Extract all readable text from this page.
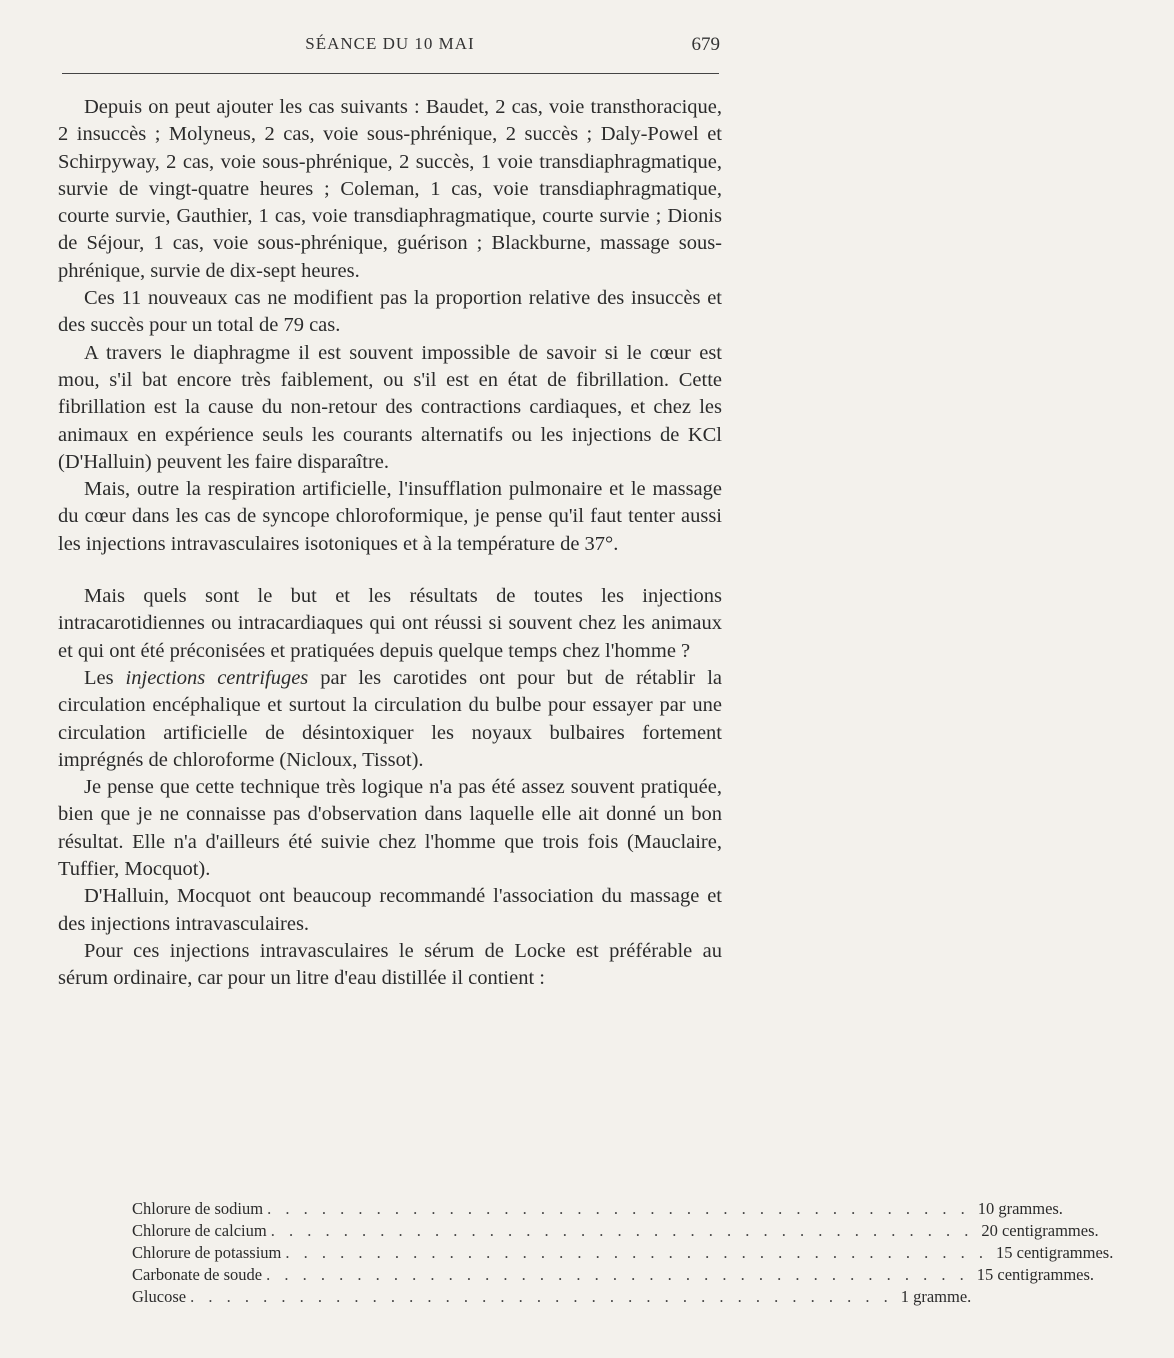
SÉANCE DU 10 MAI	679

Depuis on peut ajouter les cas suivants : Baudet, 2 cas, voie transthoracique, 2 insuccès ; Molyneus, 2 cas, voie sous-phrénique, 2 succès ; Daly-Powel et Schirpyway, 2 cas, voie sous-phrénique, 2 succès, 1 voie transdiaphragmatique, survie de vingt-quatre heures ; Coleman, 1 cas, voie transdiaphragmatique, courte survie, Gauthier, 1 cas, voie transdiaphragmatique, courte survie ; Dionis de Séjour, 1 cas, voie sous-phrénique, guérison ; Blackburne, massage sous-phrénique, survie de dix-sept heures.

Ces 11 nouveaux cas ne modifient pas la proportion relative des insuccès et des succès pour un total de 79 cas.

A travers le diaphragme il est souvent impossible de savoir si le cœur est mou, s'il bat encore très faiblement, ou s'il est en état de fibrillation. Cette fibrillation est la cause du non-retour des contractions cardiaques, et chez les animaux en expérience seuls les courants alternatifs ou les injections de KCl (D'Halluin) peuvent les faire disparaître.

Mais, outre la respiration artificielle, l'insufflation pulmonaire et le massage du cœur dans les cas de syncope chloroformique, je pense qu'il faut tenter aussi les injections intravasculaires isotoniques et à la température de 37°.

Mais quels sont le but et les résultats de toutes les injections intracarotidiennes ou intracardiaques qui ont réussi si souvent chez les animaux et qui ont été préconisées et pratiquées depuis quelque temps chez l'homme ?

Les injections centrifuges par les carotides ont pour but de rétablir la circulation encéphalique et surtout la circulation du bulbe pour essayer par une circulation artificielle de désintoxiquer les noyaux bulbaires fortement imprégnés de chloroforme (Nicloux, Tissot).

Je pense que cette technique très logique n'a pas été assez souvent pratiquée, bien que je ne connaisse pas d'observation dans laquelle elle ait donné un bon résultat. Elle n'a d'ailleurs été suivie chez l'homme que trois fois (Mauclaire, Tuffier, Mocquot).

D'Halluin, Mocquot ont beaucoup recommandé l'association du massage et des injections intravasculaires.

Pour ces injections intravasculaires le sérum de Locke est préférable au sérum ordinaire, car pour un litre d'eau distillée il contient :

Chlorure de sodium . . . . . . . . . . . . . . . . . . . . . . . . . . . . . . . . . . . . . . . 10 grammes.
Chlorure de calcium . . . . . . . . . . . . . . . . . . . . . . . . . . . . . . . . . . . . . . . 20 centigrammes.
Chlorure de potassium . . . . . . . . . . . . . . . . . . . . . . . . . . . . . . . . . . . . . . . 15 centigrammes.
Carbonate de soude . . . . . . . . . . . . . . . . . . . . . . . . . . . . . . . . . . . . . . . 15 centigrammes.
Glucose . . . . . . . . . . . . . . . . . . . . . . . . . . . . . . . . . . . . . . . 1 gramme.
